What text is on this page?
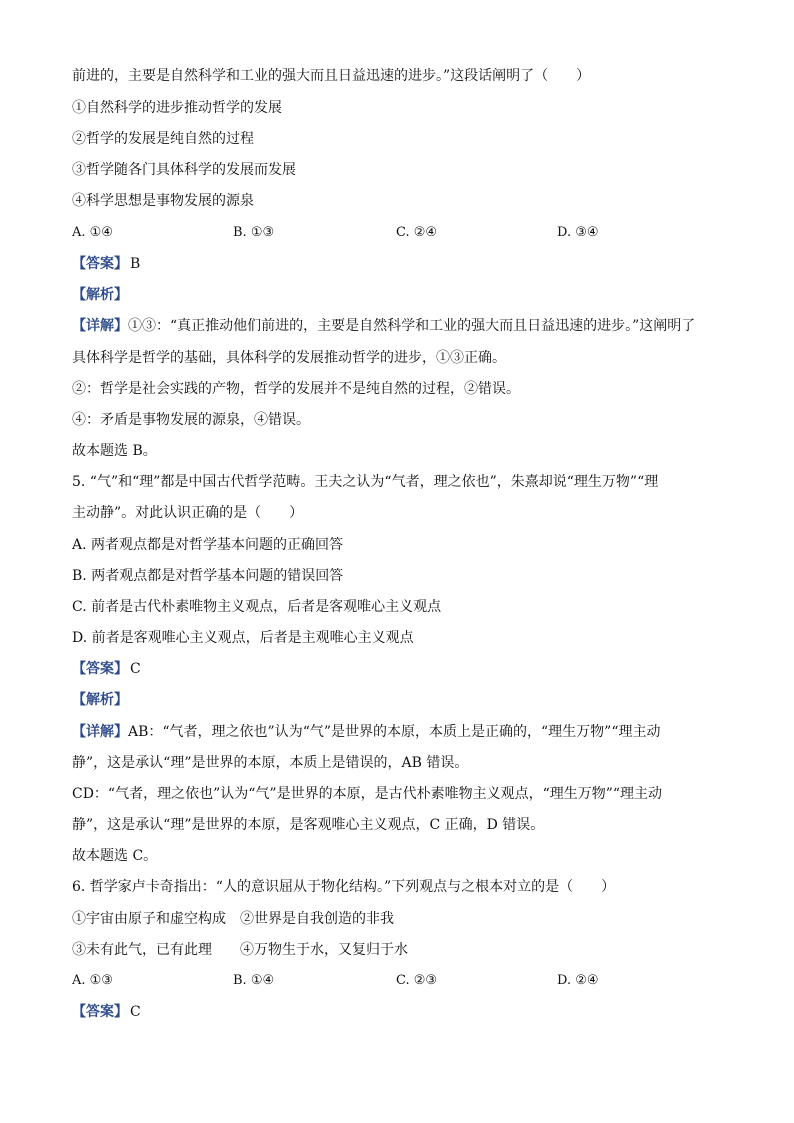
前进的，主要是自然科学和工业的强大而且日益迅速的进步。”这段话阐明了（　　）
①自然科学的进步推动哲学的发展
②哲学的发展是纯自然的过程
③哲学随各门具体科学的发展而发展
④科学思想是事物发展的源泉
A. ①④	B. ①③	C. ②④	D. ③④
【答案】 B
【解析】
【详解】①③：“真正推动他们前进的，主要是自然科学和工业的强大而且日益迅速的进步。”这阐明了
具体科学是哲学的基础，具体科学的发展推动哲学的进步，①③正确。
②：哲学是社会实践的产物，哲学的发展并不是纯自然的过程，②错误。
④：矛盾是事物发展的源泉，④错误。
故本题选 B。
5. “气”和“理”都是中国古代哲学范畴。王夫之认为“气者，理之依也”，朱熹却说“理生万物”“理
主动静”。对此认识正确的是（　　）
A. 两者观点都是对哲学基本问题的正确回答
B. 两者观点都是对哲学基本问题的错误回答
C. 前者是古代朴素唯物主义观点，后者是客观唯心主义观点
D. 前者是客观唯心主义观点，后者是主观唯心主义观点
【答案】 C
【解析】
【详解】AB：“气者，理之依也”认为“气”是世界的本原，本质上是正确的，“理生万物”“理主动
静”，这是承认“理”是世界的本原，本质上是错误的，AB 错误。
CD：“气者，理之依也”认为“气”是世界的本原，是古代朴素唯物主义观点，“理生万物”“理主动
静”，这是承认“理”是世界的本原，是客观唯心主义观点，C 正确，D 错误。
故本题选 C。
6. 哲学家卢卡奇指出：“人的意识屈从于物化结构。”下列观点与之根本对立的是（　　）
①宇宙由原子和虚空构成　②世界是自我创造的非我
③未有此气，已有此理　　④万物生于水，又复归于水
A. ①③	B. ①④	C. ②③	D. ②④
【答案】 C
